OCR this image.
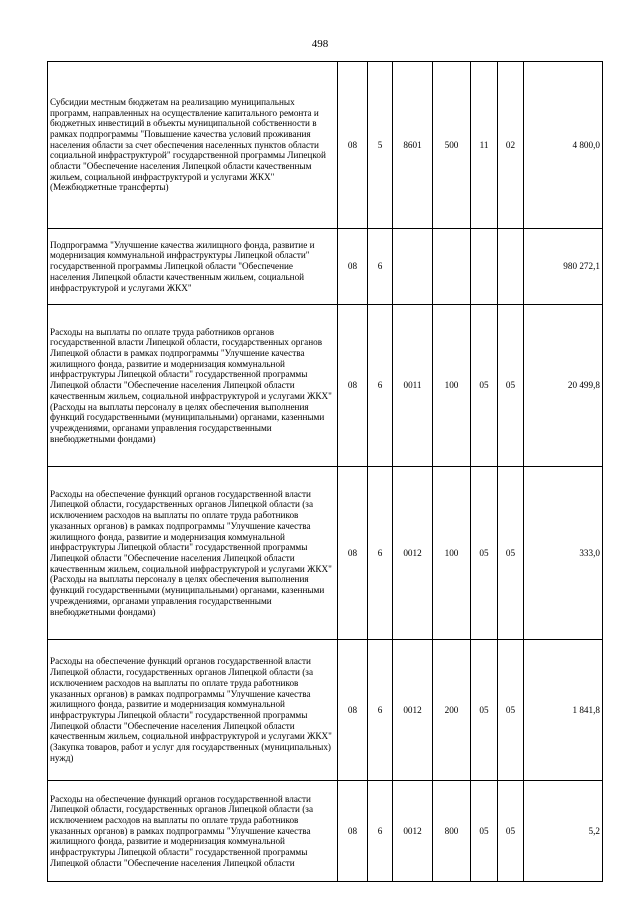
498
Субсидии местным бюджетам на реализацию муниципальных программ, направленных на осуществление капитального ремонта и бюджетных инвестиций в объекты муниципальной собственности в рамках подпрограммы "Повышение качества условий проживания населения области за счет обеспечения населенных пунктов области социальной инфраструктурой" государственной программы Липецкой области "Обеспечение населения Липецкой области качественным жильем, социальной инфраструктурой и услугами ЖКХ" (Межбюджетные трансферты)	08	5	8601	500	11	02	4 800,0
Подпрограмма "Улучшение качества жилищного фонда, развитие и модернизация коммунальной инфраструктуры Липецкой области" государственной программы Липецкой области "Обеспечение населения Липецкой области качественным жильем, социальной инфраструктурой и услугами ЖКХ"	08	6					980 272,1
Расходы на выплаты по оплате труда работников органов государственной власти Липецкой области, государственных органов Липецкой области в рамках подпрограммы "Улучшение качества жилищного фонда, развитие и модернизация коммунальной инфраструктуры Липецкой области" государственной программы Липецкой области "Обеспечение населения Липецкой области качественным жильем, социальной инфраструктурой и услугами ЖКХ" (Расходы на выплаты персоналу в целях обеспечения выполнения функций государственными (муниципальными) органами, казенными учреждениями, органами управления государственными внебюджетными фондами)	08	6	0011	100	05	05	20 499,8
Расходы на обеспечение функций органов государственной власти Липецкой области, государственных органов Липецкой области (за исключением расходов на выплаты по оплате труда работников указанных органов) в рамках подпрограммы "Улучшение качества жилищного фонда, развитие и модернизация коммунальной инфраструктуры Липецкой области" государственной программы Липецкой области "Обеспечение населения Липецкой области качественным жильем, социальной инфраструктурой и услугами ЖКХ" (Расходы на выплаты персоналу в целях обеспечения выполнения функций государственными (муниципальными) органами, казенными учреждениями, органами управления государственными внебюджетными фондами)	08	6	0012	100	05	05	333,0
Расходы на обеспечение функций органов государственной власти Липецкой области, государственных органов Липецкой области (за исключением расходов на выплаты по оплате труда работников указанных органов) в рамках подпрограммы "Улучшение качества жилищного фонда, развитие и модернизация коммунальной инфраструктуры Липецкой области" государственной программы Липецкой области "Обеспечение населения Липецкой области качественным жильем, социальной инфраструктурой и услугами ЖКХ" (Закупка товаров, работ и услуг для государственных (муниципальных) нужд)	08	6	0012	200	05	05	1 841,8
Расходы на обеспечение функций органов государственной власти Липецкой области, государственных органов Липецкой области (за исключением расходов на выплаты по оплате труда работников указанных органов) в рамках подпрограммы "Улучшение качества жилищного фонда, развитие и модернизация коммунальной инфраструктуры Липецкой области" государственной программы Липецкой области "Обеспечение населения Липецкой области	08	6	0012	800	05	05	5,2
